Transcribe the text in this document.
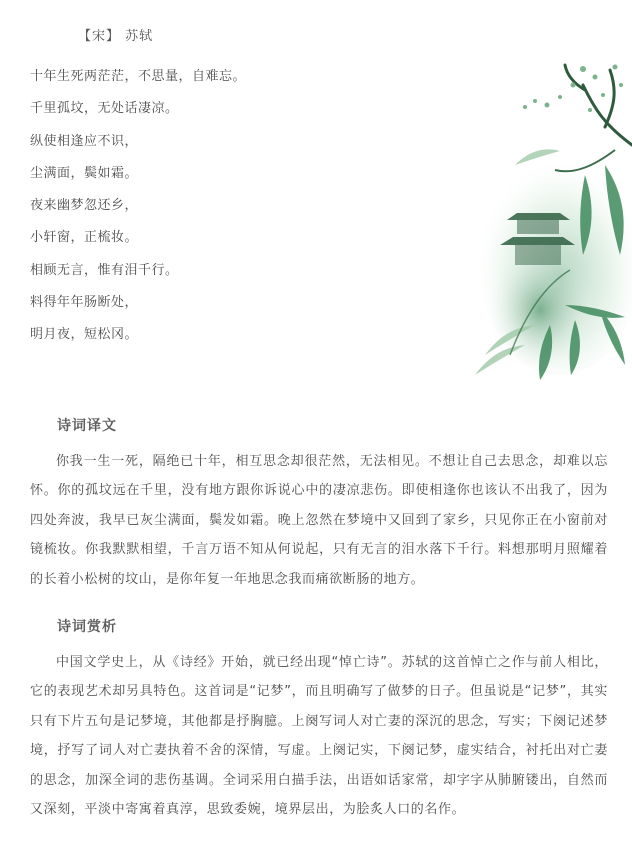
【宋】 苏轼
十年生死两茫茫，不思量，自难忘。
千里孤坟，无处话凄凉。
纵使相逢应不识，
尘满面，鬓如霜。
夜来幽梦忽还乡，
小轩窗，正梳妆。
相顾无言，惟有泪千行。
料得年年肠断处，
明月夜，短松冈。
诗词译文
你我一生一死，隔绝已十年，相互思念却很茫然，无法相见。不想让自己去思念，却难以忘怀。你的孤坟远在千里，没有地方跟你诉说心中的凄凉悲伤。即使相逢你也该认不出我了，因为四处奔波，我早已灰尘满面，鬓发如霜。晚上忽然在梦境中又回到了家乡，只见你正在小窗前对镜梳妆。你我默默相望，千言万语不知从何说起，只有无言的泪水落下千行。料想那明月照耀着的长着小松树的坟山，是你年复一年地思念我而痛欲断肠的地方。
诗词赏析
中国文学史上，从《诗经》开始，就已经出现“悼亡诗”。苏轼的这首悼亡之作与前人相比，它的表现艺术却另具特色。这首词是“记梦”，而且明确写了做梦的日子。但虽说是“记梦”，其实只有下片五句是记梦境，其他都是抒胸臆。上阕写词人对亡妻的深沉的思念，写实；下阕记述梦境，抒写了词人对亡妻执着不舍的深情，写虚。上阕记实，下阕记梦，虚实结合，衬托出对亡妻的思念，加深全词的悲伤基调。全词采用白描手法，出语如话家常，却字字从肺腑镂出，自然而又深刻，平淡中寄寓着真淳，思致委婉，境界层出，为脍炙人口的名作。
